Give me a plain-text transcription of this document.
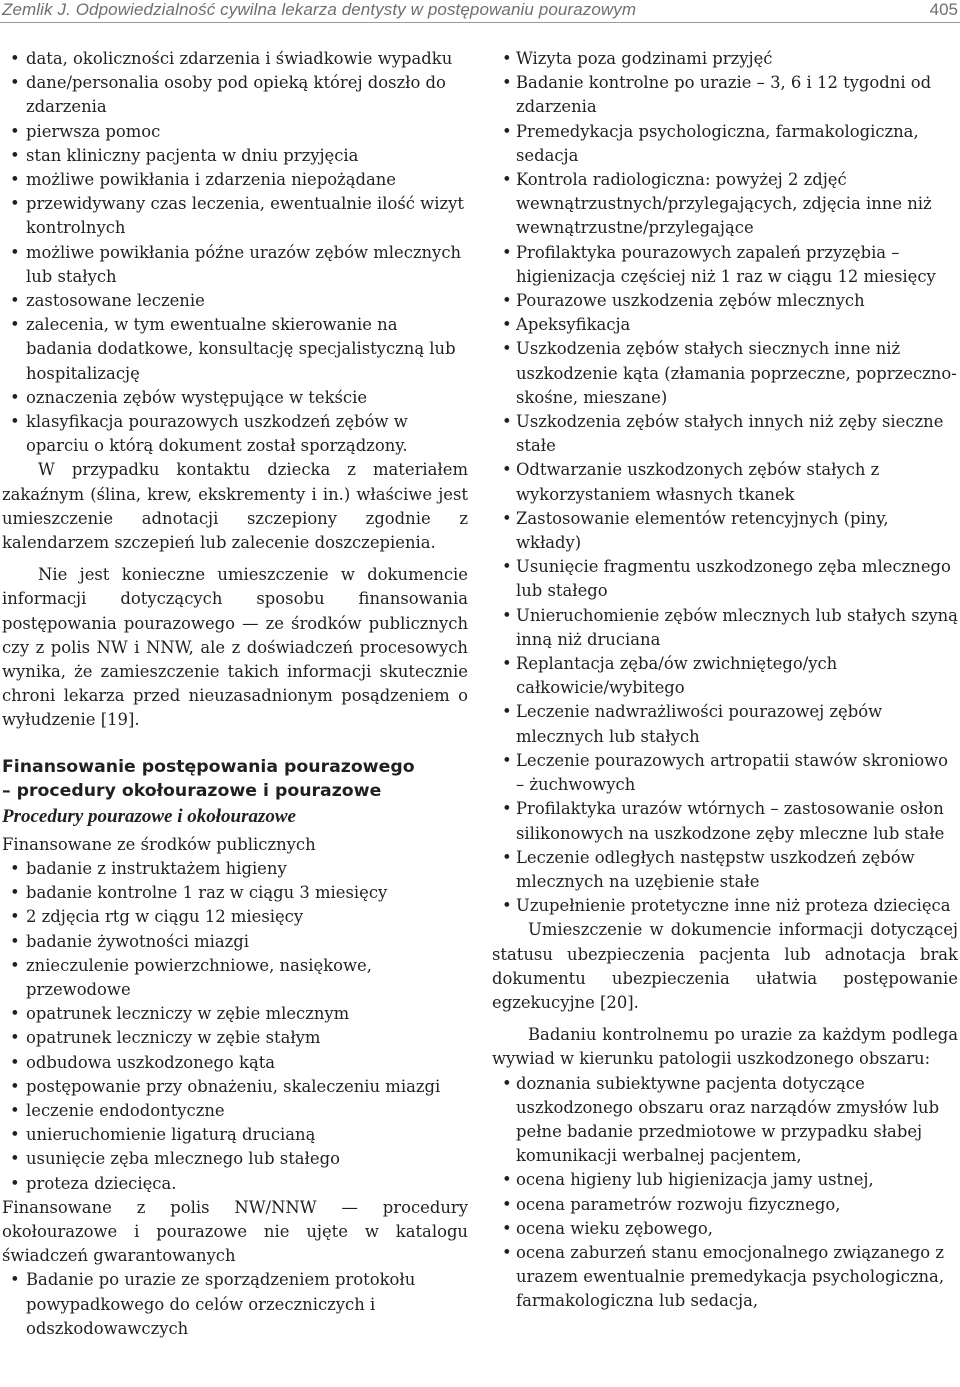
Zemlik J. Odpowiedzialność cywilna lekarza dentysty w postępowaniu pourazowym	405
• data, okoliczności zdarzenia i świadkowie wypadku
• dane/personalia osoby pod opieką której doszło do zdarzenia
• pierwsza pomoc
• stan kliniczny pacjenta w dniu przyjęcia
• możliwe powikłania i zdarzenia niepożądane
• przewidywany czas leczenia, ewentualnie ilość wizyt kontrolnych
• możliwe powikłania późne urazów zębów mlecznych lub stałych
• zastosowane leczenie
• zalecenia, w tym ewentualne skierowanie na badania dodatkowe, konsultację specjalistyczną lub hospitalizację
• oznaczenia zębów występujące w tekście
• klasyfikacja pourazowych uszkodzeń zębów w oparciu o którą dokument został sporządzony.

W przypadku kontaktu dziecka z materiałem zakaźnym (ślina, krew, ekskrementy i in.) właściwe jest umieszczenie adnotacji szczepiony zgodnie z kalendarzem szczepień lub zalecenie doszczepienia.

Nie jest konieczne umieszczenie w dokumencie informacji dotyczących sposobu finansowania postępowania pourazowego — ze środków publicznych czy z polis NW i NNW, ale z doświadczeń procesowych wynika, że zamieszczenie takich informacji skutecznie chroni lekarza przed nieuzasadnionym posądzeniem o wyłudzenie [19].

Finansowanie postępowania pourazowego
– procedury okołourazowe i pourazowe
Procedury pourazowe i okołourazowe

Finansowane ze środków publicznych

• badanie z instruktażem higieny
• badanie kontrolne 1 raz w ciągu 3 miesięcy
• 2 zdjęcia rtg w ciągu 12 miesięcy
• badanie żywotności miazgi
• znieczulenie powierzchniowe, nasiękowe, przewodowe
• opatrunek leczniczy w zębie mlecznym
• opatrunek leczniczy w zębie stałym
• odbudowa uszkodzonego kąta
• postępowanie przy obnażeniu, skaleczeniu miazgi
• leczenie endodontyczne
• unieruchomienie ligaturą drucianą
• usunięcie zęba mlecznego lub stałego
• proteza dziecięca.

Finansowane z polis NW/NNW — procedury okołourazowe i pourazowe nie ujęte w katalogu świadczeń gwarantowanych

• Badanie po urazie ze sporządzeniem protokołu powypadkowego do celów orzeczniczych i odszkodowawczych
• Wizyta poza godzinami przyjęć
• Badanie kontrolne po urazie – 3, 6 i 12 tygodni od zdarzenia
• Premedykacja psychologiczna, farmakologiczna, sedacja
• Kontrola radiologiczna: powyżej 2 zdjęć wewnątrzustnych/przylegających, zdjęcia inne niż wewnątrzustne/przylegające
• Profilaktyka pourazowych zapaleń przyzębia – higienizacja częściej niż 1 raz w ciągu 12 miesięcy
• Pourazowe uszkodzenia zębów mlecznych
• Apeksyfikacja
• Uszkodzenia zębów stałych siecznych inne niż uszkodzenie kąta (złamania poprzeczne, poprzeczno-skośne, mieszane)
• Uszkodzenia zębów stałych innych niż zęby sieczne stałe
• Odtwarzanie uszkodzonych zębów stałych z wykorzystaniem własnych tkanek
• Zastosowanie elementów retencyjnych (piny, wkłady)
• Usunięcie fragmentu uszkodzonego zęba mlecznego lub stałego
• Unieruchomienie zębów mlecznych lub stałych szyną inną niż druciana
• Replantacja zęba/ów zwichniętego/ych całkowicie/wybitego
• Leczenie nadwrażliwości pourazowej zębów mlecznych lub stałych
• Leczenie pourazowych artropatii stawów skroniowo – żuchwowych
• Profilaktyka urazów wtórnych – zastosowanie osłon silikonowych na uszkodzone zęby mleczne lub stałe
• Leczenie odległych następstw uszkodzeń zębów mlecznych na uzębienie stałe
• Uzupełnienie protetyczne inne niż proteza dziecięca

Umieszczenie w dokumencie informacji dotyczącej statusu ubezpieczenia pacjenta lub adnotacja brak dokumentu ubezpieczenia ułatwia postępowanie egzekucyjne [20].

Badaniu kontrolnemu po urazie za każdym podlega wywiad w kierunku patologii uszkodzonego obszaru:

• doznania subiektywne pacjenta dotyczące uszkodzonego obszaru oraz narządów zmysłów lub pełne badanie przedmiotowe w przypadku słabej komunikacji werbalnej pacjentem,
• ocena higieny lub higienizacja jamy ustnej,
• ocena parametrów rozwoju fizycznego,
• ocena wieku zębowego,
• ocena zaburzeń stanu emocjonalnego związanego z urazem ewentualnie premedykacja psychologiczna, farmakologiczna lub sedacja,
